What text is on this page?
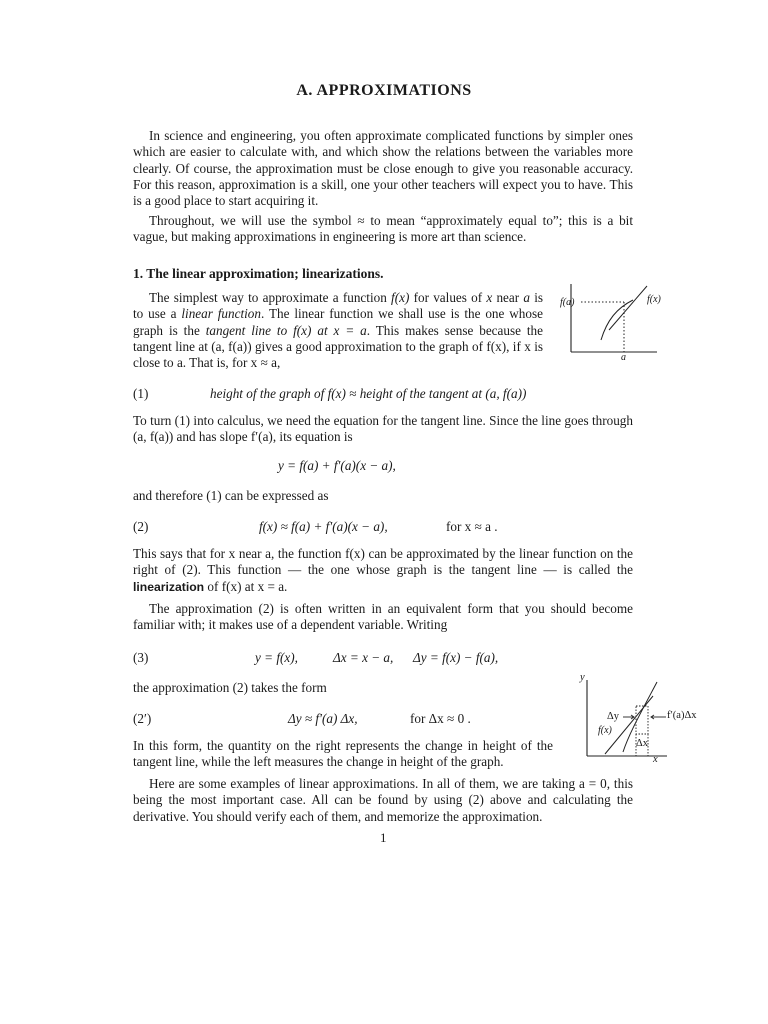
A. APPROXIMATIONS

In science and engineering, you often approximate complicated functions by simpler ones which are easier to calculate with, and which show the relations between the variables more clearly. Of course, the approximation must be close enough to give you reasonable accuracy. For this reason, approximation is a skill, one your other teachers will expect you to have. This is a good place to start acquiring it.

Throughout, we will use the symbol ≈ to mean “approximately equal to”; this is a bit vague, but making approximations in engineering is more art than science.

1. The linear approximation; linearizations.

The simplest way to approximate a function f(x) for values of x near a is to use a linear function. The linear function we shall use is the one whose graph is the tangent line to f(x) at x = a. This makes sense because the tangent line at (a, f(a)) gives a good approximation to the graph of f(x), if x is close to a. That is, for x ≈ a,

f(a)	f(x)
a
(1)	height of the graph of f(x) ≈ height of the tangent at (a, f(a))

To turn (1) into calculus, we need the equation for the tangent line. Since the line goes through (a, f(a)) and has slope f′(a), its equation is

y = f(a) + f′(a)(x − a),

and therefore (1) can be expressed as

(2)	f(x) ≈ f(a) + f′(a)(x − a),	for x ≈ a .

This says that for x near a, the function f(x) can be approximated by the linear function on the right of (2). This function — the one whose graph is the tangent line — is called the linearization of f(x) at x = a.

The approximation (2) is often written in an equivalent form that you should become familiar with; it makes use of a dependent variable. Writing

(3)	y = f(x),	Δx = x − a, Δy = f(x) − f(a),

the approximation (2) takes the form

(2′)	Δy ≈ f′(a) Δx,	for Δx ≈ 0 .

In this form, the quantity on the right represents the change in height of the tangent line, while the left measures the change in height of the graph.

y
Δy	f′(a)Δx
f(x)
Δx
x

Here are some examples of linear approximations. In all of them, we are taking a = 0, this being the most important case. All can be found by using (2) above and calculating the derivative. You should verify each of them, and memorize the approximation.

1
